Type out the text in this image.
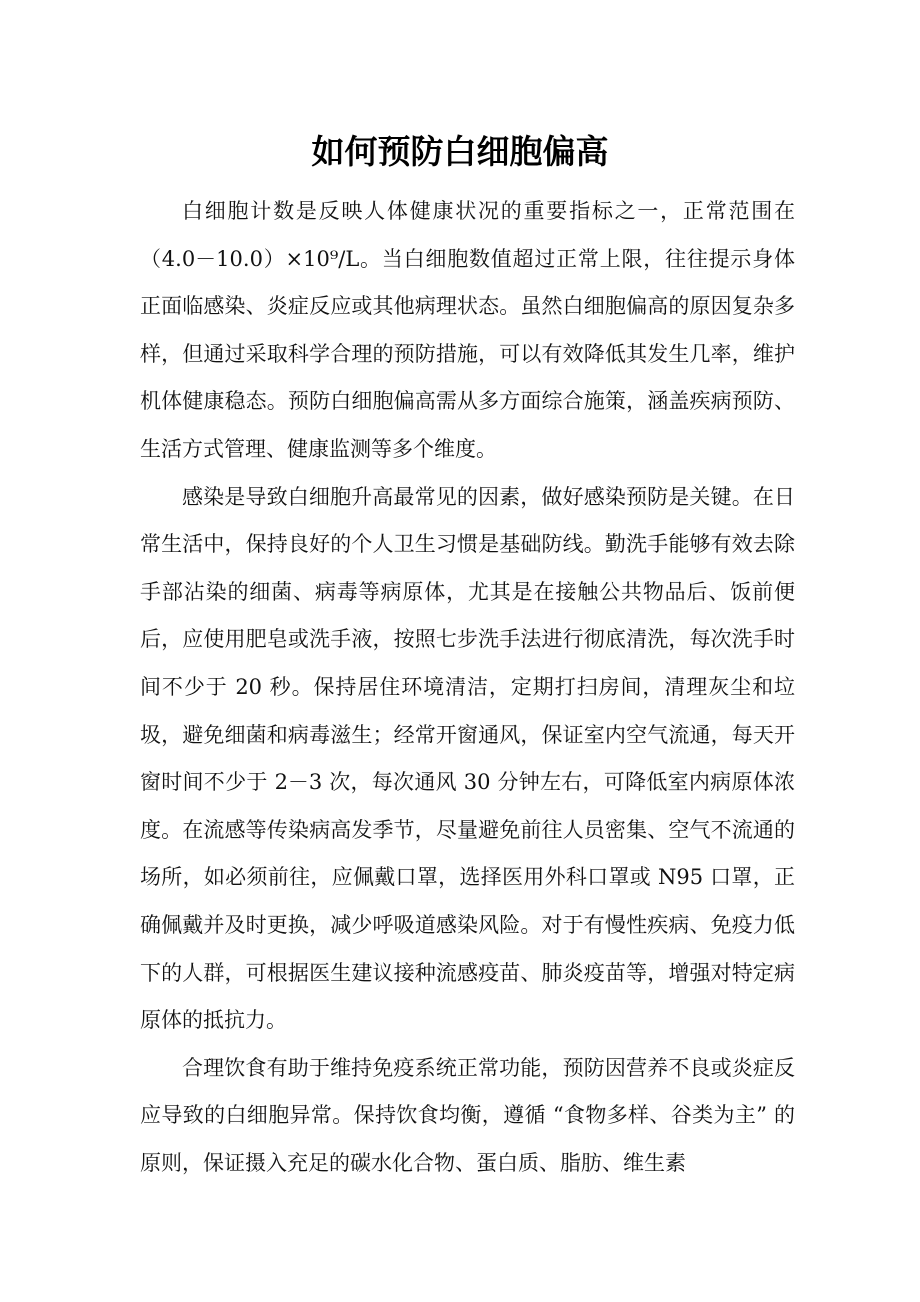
如何预防白细胞偏高

白细胞计数是反映人体健康状况的重要指标之一，正常范围在（4.0－10.0）×10⁹/L。当白细胞数值超过正常上限，往往提示身体正面临感染、炎症反应或其他病理状态。虽然白细胞偏高的原因复杂多样，但通过采取科学合理的预防措施，可以有效降低其发生几率，维护机体健康稳态。预防白细胞偏高需从多方面综合施策，涵盖疾病预防、生活方式管理、健康监测等多个维度。

感染是导致白细胞升高最常见的因素，做好感染预防是关键。在日常生活中，保持良好的个人卫生习惯是基础防线。勤洗手能够有效去除手部沾染的细菌、病毒等病原体，尤其是在接触公共物品后、饭前便后，应使用肥皂或洗手液，按照七步洗手法进行彻底清洗，每次洗手时间不少于 20 秒。保持居住环境清洁，定期打扫房间，清理灰尘和垃圾，避免细菌和病毒滋生；经常开窗通风，保证室内空气流通，每天开窗时间不少于 2－3 次，每次通风 30 分钟左右，可降低室内病原体浓度。在流感等传染病高发季节，尽量避免前往人员密集、空气不流通的场所，如必须前往，应佩戴口罩，选择医用外科口罩或 N95 口罩，正确佩戴并及时更换，减少呼吸道感染风险。对于有慢性疾病、免疫力低下的人群，可根据医生建议接种流感疫苗、肺炎疫苗等，增强对特定病原体的抵抗力。

合理饮食有助于维持免疫系统正常功能，预防因营养不良或炎症反应导致的白细胞异常。保持饮食均衡，遵循 “食物多样、谷类为主” 的原则，保证摄入充足的碳水化合物、蛋白质、脂肪、维生素
